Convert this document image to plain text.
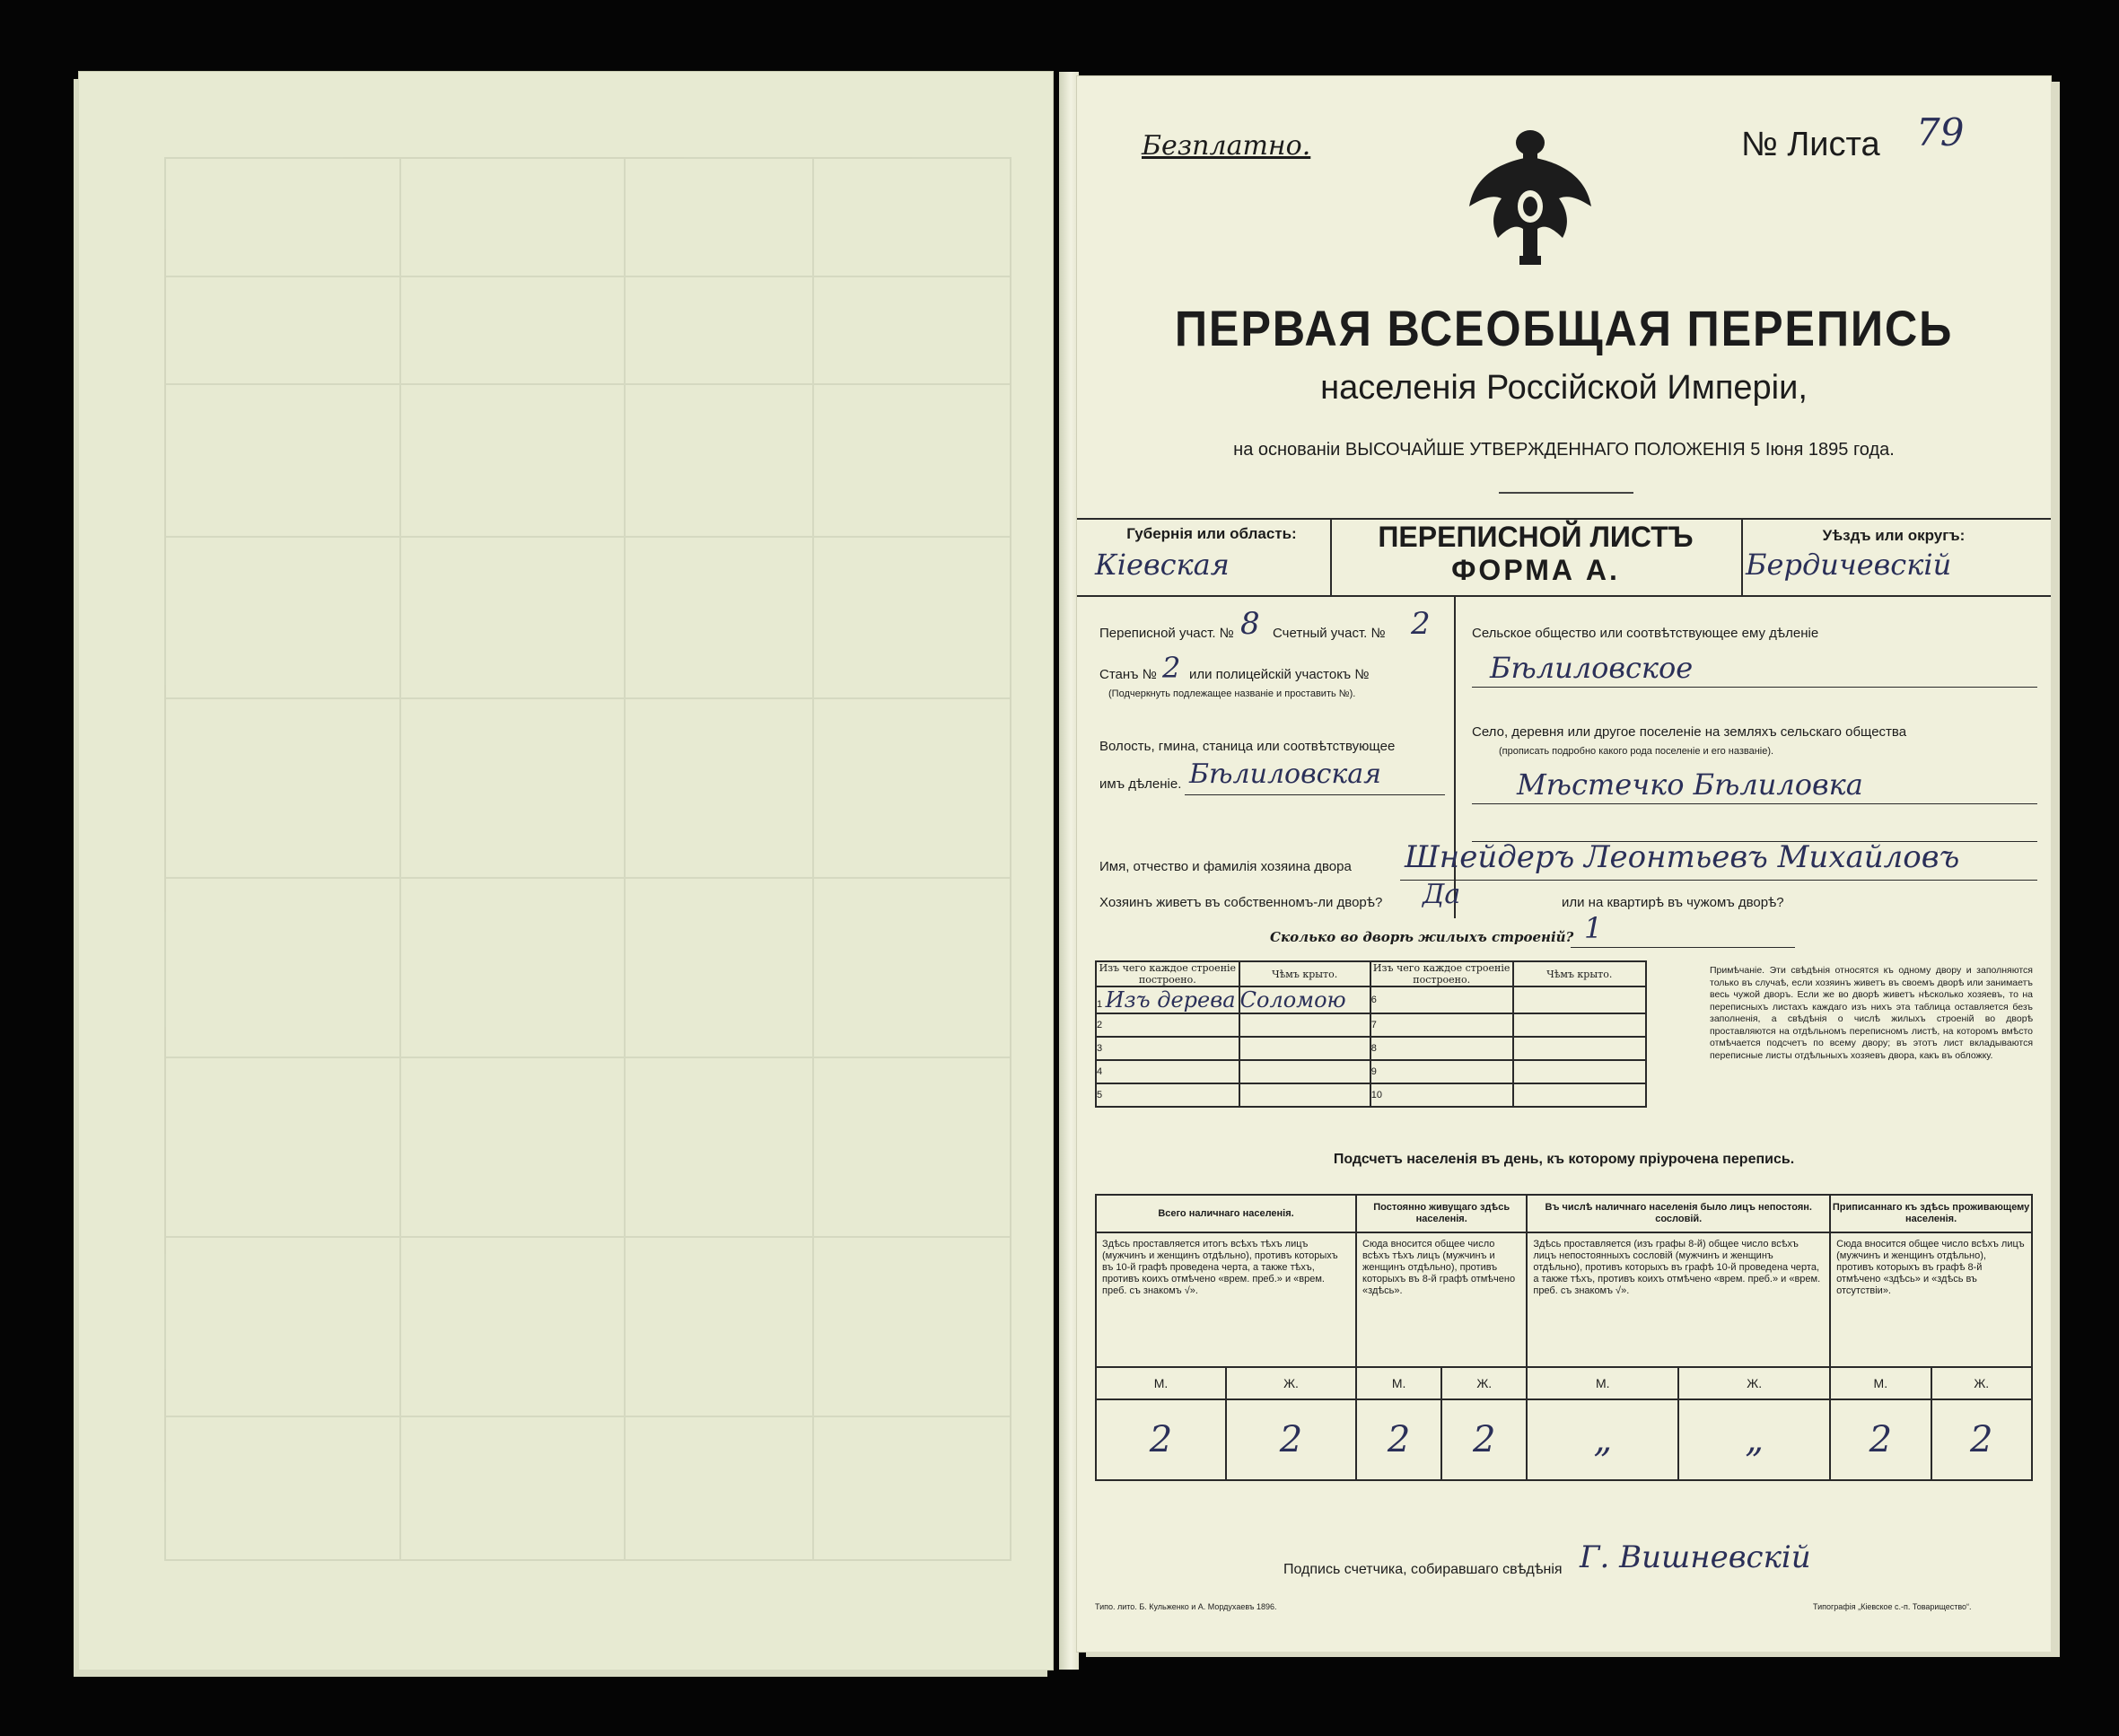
Безплатно.	№ Листа 79
ПЕРВАЯ ВСЕОБЩАЯ ПЕРЕПИСЬ
населенія Россійской Имперіи,
на основаніи ВЫСОЧАЙШЕ УТВЕРЖДЕННАГО ПОЛОЖЕНІЯ 5 Іюня 1895 года.
Губернія или область:
Кіевская
ПЕРЕПИСНОЙ ЛИСТЪ
ФОРМА А.
Уѣздъ или округъ:
Бердичевскій
Переписной участ. № 8 Счетный участ. № 2
Станъ № 2 или полицейскій участокъ №
(Подчеркнуть подлежащее названіе и проставить №).
Волость, гмина, станица или соотвѣтствующее
имъ дѣленіе. Бѣлиловская
Сельское общество или соотвѣтствующее ему дѣленіе
Бѣлиловское
Село, деревня или другое поселеніе на земляхъ сельскаго общества
(прописать подробно какого рода поселеніе и его названіе).
Мѣстечко Бѣлиловка
Имя, отчество и фамилія хозяина двора Шнейдеръ Леонтьевъ Михайловъ
Хозяинъ живетъ въ собственномъ-ли дворѣ? Да	или на квартирѣ въ чужомъ дворѣ?
Сколько во дворѣ жилыхъ строеній? 1
Изъ чего каждое строеніе построено.	Чѣмъ крыто.	Изъ чего каждое строеніе построено.	Чѣмъ крыто.
1 Изъ дерева	Соломою	6	
2		7	
3		8	
4		9	
5		10	
Примѣчаніе. Эти свѣдѣнія относятся къ одному двору и заполняются только въ случаѣ, если хозяинъ живетъ въ своемъ дворѣ или занимаетъ весь чужой дворъ. Если же во дворѣ живетъ нѣсколько хозяевъ, то на переписныхъ листахъ каждаго изъ нихъ эта таблица оставляется безъ заполненія, а свѣдѣнія о числѣ жилыхъ строеній во дворѣ проставляются на отдѣльномъ переписномъ листѣ, на которомъ вмѣсто отмѣчается подсчетъ по всему двору; въ этотъ лист вкладываются переписные листы отдѣльныхъ хозяевъ двора, какъ въ обложку.
Подсчетъ населенія въ день, къ которому пріурочена перепись.
Всего наличнаго населенія.		Постоянно живущаго здѣсь населенія.		Въ числѣ наличнаго населенія было лицъ непостоян. сословій.		Приписаннаго къ здѣсь проживающему населенія.	
Здѣсь проставляется итогъ всѣхъ тѣхъ лицъ (мужчинъ и женщинъ отдѣльно), противъ которыхъ въ 10-й графѣ проведена черта, а также тѣхъ, противъ коихъ отмѣчено «врем. преб.» и «врем. преб. съ знакомъ √».		Сюда вносится общее число всѣхъ тѣхъ лицъ (мужчинъ и женщинъ отдѣльно), противъ которыхъ въ 8-й графѣ отмѣчено «здѣсь».		Здѣсь проставляется (изъ графы 8-й) общее число всѣхъ лицъ непостоянныхъ сословій (мужчинъ и женщинъ отдѣльно), противъ которыхъ въ графѣ 10-й проведена черта, а также тѣхъ, противъ коихъ отмѣчено «врем. преб.» и «врем. преб. съ знакомъ √».		Сюда вносится общее число всѣхъ лицъ (мужчинъ и женщинъ отдѣльно), противъ которыхъ въ графѣ 8-й отмѣчено «здѣсь» и «здѣсь въ отсутствіи».	
М.	Ж.	М.	Ж.	М.	Ж.	М.	Ж.
2	2	2	2	„	„	2	2
Подпись счетчика, собиравшаго свѣдѣнія Г. Вишневскій
Типо. лито. Б. Кульженко и А. Мордухаевъ 1896.	Типографія „Кіевское с.-п. Товарищество“.
